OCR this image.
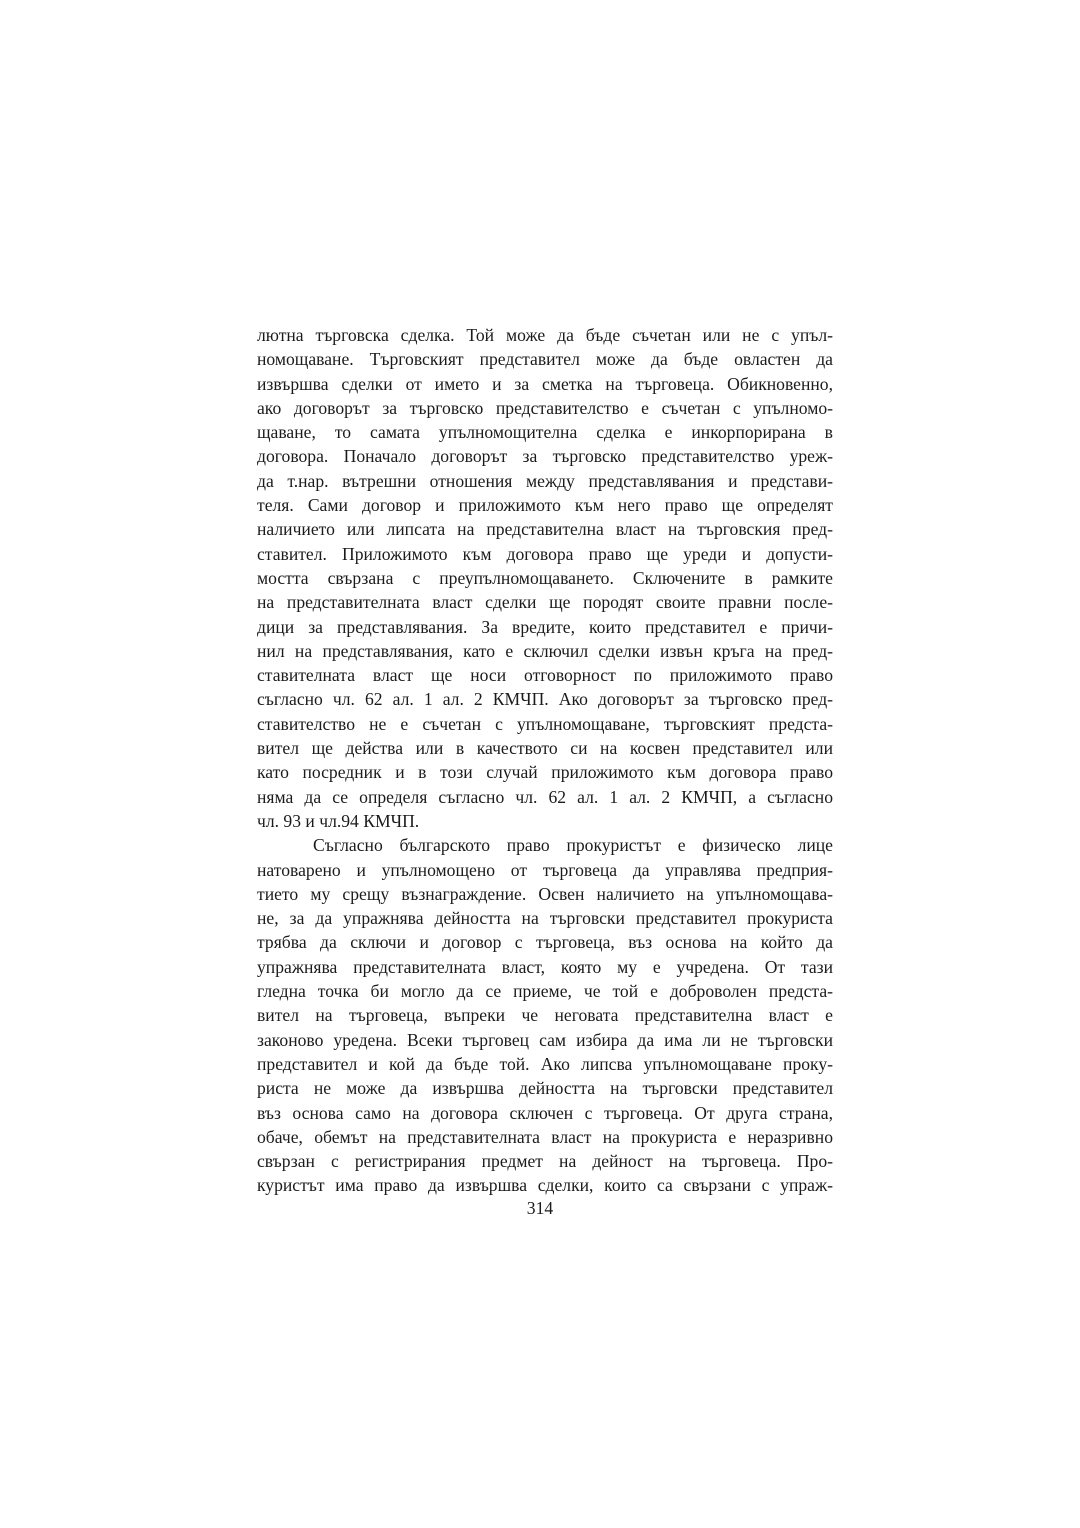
лютна търговска сделка. Той може да бъде съчетан или не с упъл-
номощаване. Търговският представител може да бъде овластен да
извършва сделки от името и за сметка на търговеца. Обикновенно,
ако договорът за търговско представителство е съчетан с упълномо-
щаване, то самата упълномощителна сделка е инкорпорирана в
договора. Поначало договорът за търговско представителство уреж-
да т.нар. вътрешни отношения между представлявания и представи-
теля. Сами договор и приложимото към него право ще определят
наличието или липсата на представителна власт на търговския пред-
ставител. Приложимото към договора право ще уреди и допусти-
мостта свързана с преупълномощаването. Сключените в рамките
на представителната власт сделки ще породят своите правни после-
дици за представлявания. За вредите, които представител е причи-
нил на представлявания, като е сключил сделки извън кръга на пред-
ставителната власт ще носи отговорност по приложимото право
съгласно чл. 62 ал. 1 ал. 2 КМЧП. Ако договорът за търговско пред-
ставителство не е съчетан с упълномощаване, търговският предста-
вител ще действа или в качеството си на косвен представител или
като посредник и в този случай приложимото към договора право
няма да се определя съгласно чл. 62 ал. 1 ал. 2 КМЧП, а съгласно
чл. 93 и чл.94 КМЧП.
Съгласно българското право прокуристът е физическо лице
натоварено и упълномощено от търговеца да управлява предприя-
тието му срещу възнаграждение. Освен наличието на упълномощава-
не, за да упражнява дейността на търговски представител прокуриста
трябва да сключи и договор с търговеца, въз основа на който да
упражнява представителната власт, която му е учредена. От тази
гледна точка би могло да се приеме, че той е доброволен предста-
вител на търговеца, въпреки че неговата представителна власт е
законово уредена. Всеки търговец сам избира да има ли не търговски
представител и кой да бъде той. Ако липсва упълномощаване проку-
риста не може да извършва дейността на търговски представител
въз основа само на договора сключен с търговеца. От друга страна,
обаче, обемът на представителната власт на прокуриста е неразривно
свързан с регистрирания предмет на дейност на търговеца. Про-
куристът има право да извършва сделки, които са свързани с упраж-
314
